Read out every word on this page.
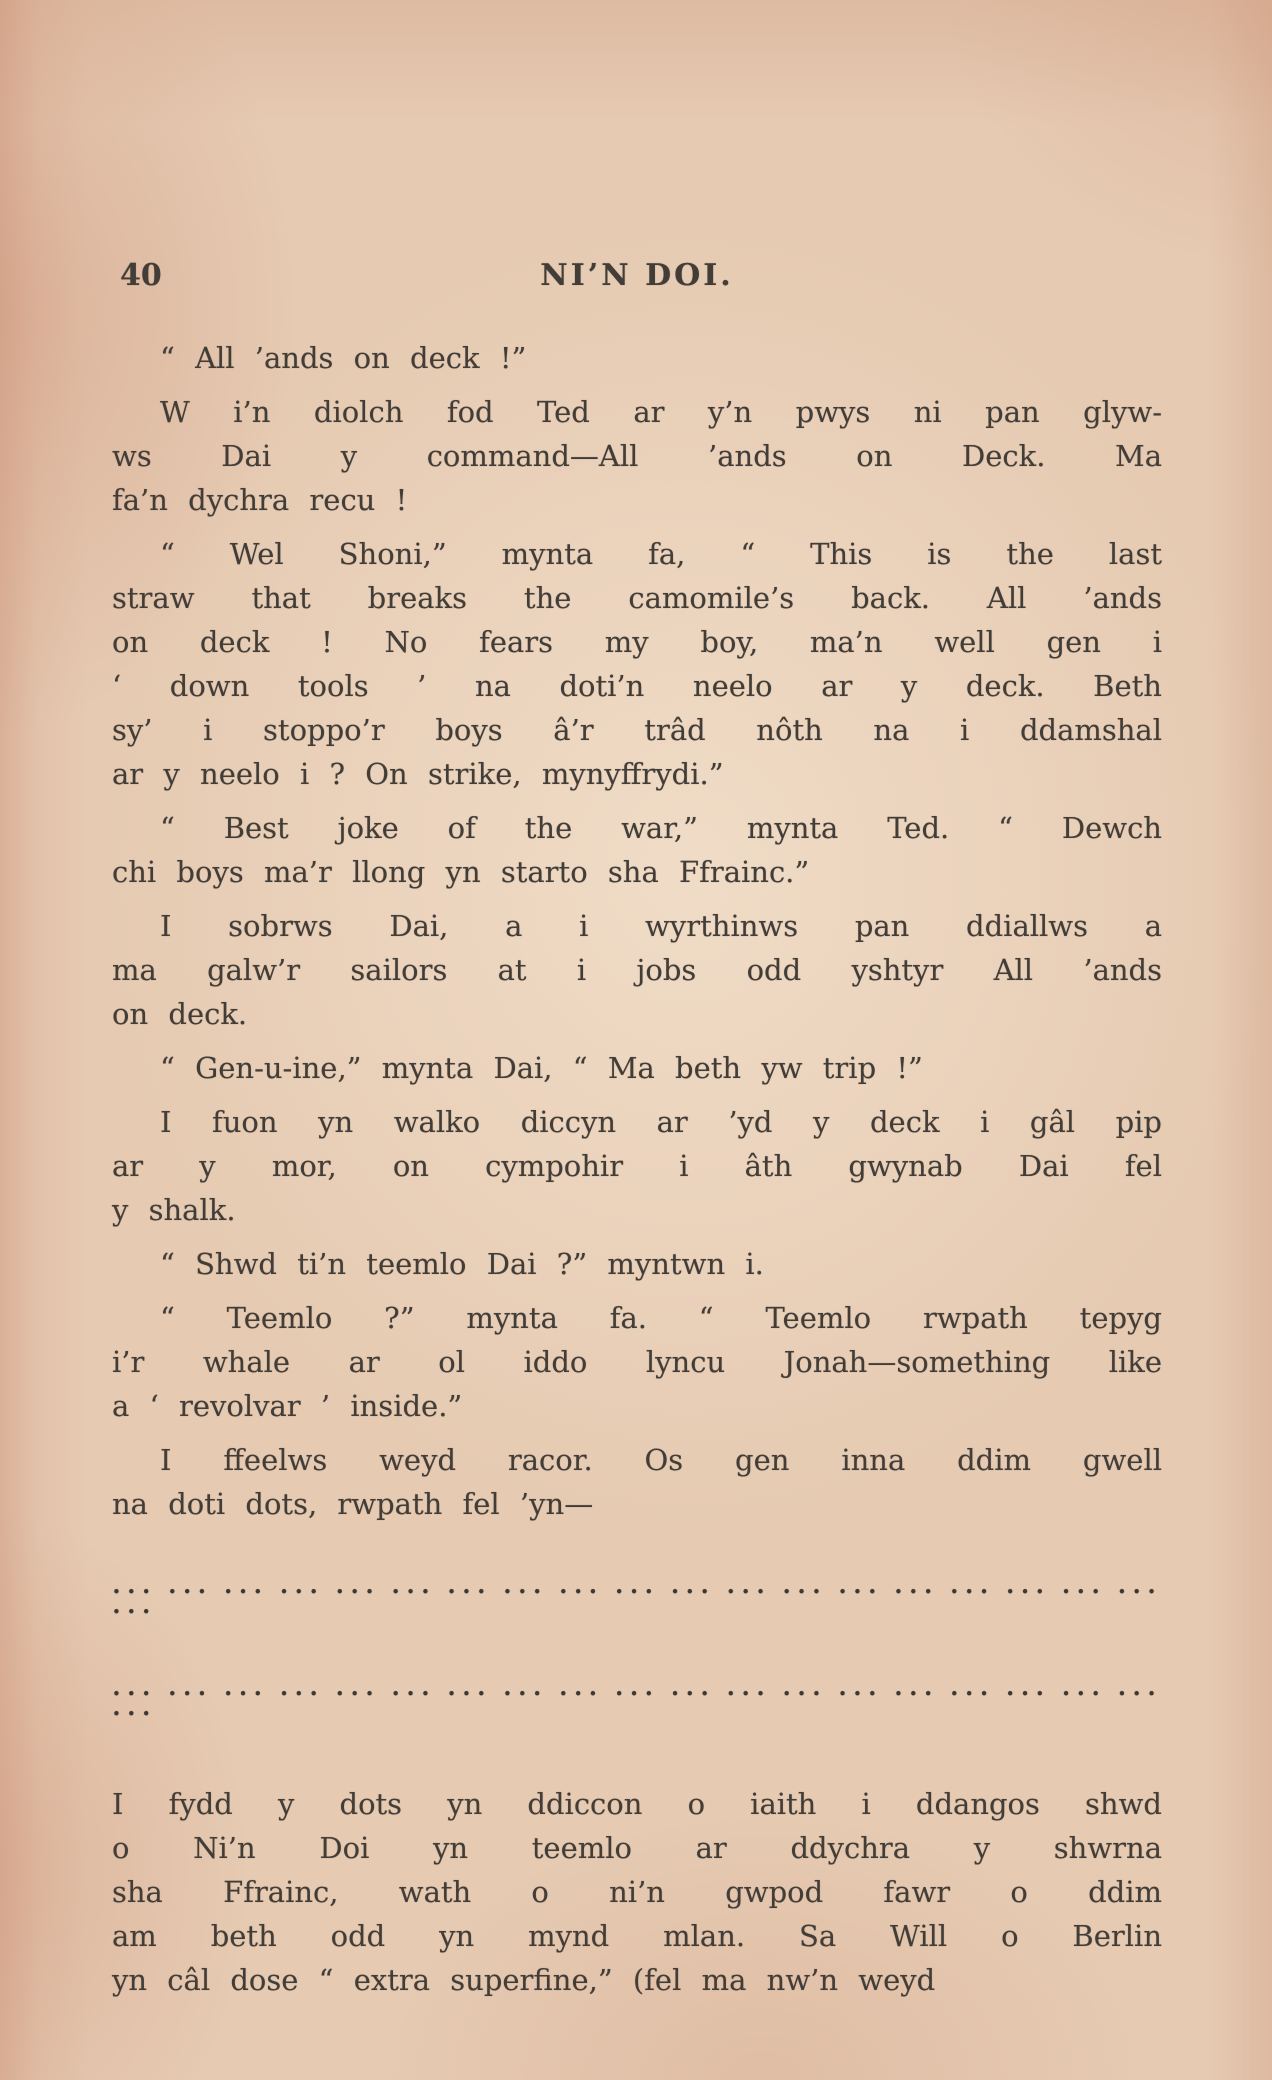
40	NI’N DOI.
“ All ’ands on deck !”
W i’n diolch fod Ted ar y’n pwys ni pan glyw-
ws Dai y command—All ’ands on Deck. Ma
fa’n dychra recu !
“ Wel Shoni,” mynta fa, “ This is the last
straw that breaks the camomile’s back. All ’ands
on deck ! No fears my boy, ma’n well gen i
‘ down tools ’ na doti’n neelo ar y deck. Beth
sy’ i stoppo’r boys â’r trâd nôth na i ddamshal
ar y neelo i ? On strike, mynyffrydi.”
“ Best joke of the war,” mynta Ted. “ Dewch
chi boys ma’r llong yn starto sha Ffrainc.”
I sobrws Dai, a i wyrthinws pan ddiallws a
ma galw’r sailors at i jobs odd yshtyr All ’ands
on deck.
“ Gen-u-ine,” mynta Dai, “ Ma beth yw trip !”
I fuon yn walko diccyn ar ’yd y deck i gâl pip
ar y mor, on cympohir i âth gwynab Dai fel
y shalk.
“ Shwd ti’n teemlo Dai ?” myntwn i.
“ Teemlo ?” mynta fa. “ Teemlo rwpath tepyg
i’r whale ar ol iddo lyncu Jonah—something like
a ‘ revolvar ’ inside.”
I ffeelws weyd racor. Os gen inna ddim gwell
na doti dots, rwpath fel ’yn—
••• ••• ••• ••• ••• ••• ••• ••• ••• ••• ••• ••• ••• ••• ••• ••• ••• ••• ••• •••
••• ••• ••• ••• ••• ••• ••• ••• ••• ••• ••• ••• ••• ••• ••• ••• ••• ••• ••• •••
I fydd y dots yn ddiccon o iaith i ddangos shwd
o Ni’n Doi yn teemlo ar ddychra y shwrna
sha Ffrainc, wath o ni’n gwpod fawr o ddim
am beth odd yn mynd mlan. Sa Will o Berlin
yn câl dose “ extra superfine,” (fel ma nw’n weyd
